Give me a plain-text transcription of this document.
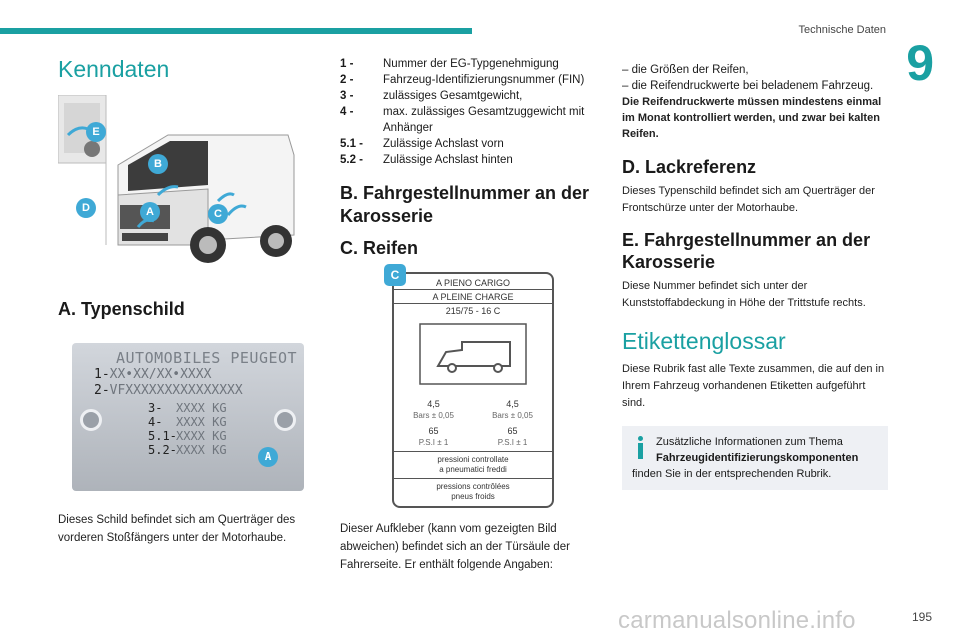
Technische Daten
9
Kenndaten
E
B
D	A	C
A. Typenschild
AUTOMOBILES PEUGEOT
1-XX•XX/XX•XXXX
2-VFXXXXXXXXXXXXXXX
3- XXXX KG
4- XXXX KG
5.1-XXXX KG
5.2-XXXX KG	A

Dieses Schild befindet sich am Querträger des vorderen Stoßfängers unter der Motorhaube.

1 -	Nummer der EG-Typgenehmigung
2 -	Fahrzeug-Identifizierungsnummer (FIN)
3 -	zulässiges Gesamtgewicht,
4 -	max. zulässiges Gesamtzuggewicht mit Anhänger
5.1 -	Zulässige Achslast vorn
5.2 -	Zulässige Achslast hinten
B. Fahrgestellnummer an der Karosserie
C. Reifen
C
A PIENO CARIGO
A PLEINE CHARGE
215/75 - 16 C
4,5	4,5
Bars ± 0,05	Bars ± 0,05
65	65
P.S.I ± 1	P.S.I ± 1
pressioni controllate
a pneumatici freddi
pressions contrôlées
pneus froids

Dieser Aufkleber (kann vom gezeigten Bild abweichen) befindet sich an der Türsäule der Fahrerseite. Er enthält folgende Angaben:

– die Größen der Reifen,
– die Reifendruckwerte bei beladenem Fahrzeug.

Die Reifendruckwerte müssen mindestens einmal im Monat kontrolliert werden, und zwar bei kalten Reifen.

D. Lackreferenz

Dieses Typenschild befindet sich am Querträger der Frontschürze unter der Motorhaube.

E. Fahrgestellnummer an der Karosserie

Diese Nummer befindet sich unter der Kunststoffabdeckung in Höhe der Trittstufe rechts.

Etikettenglossar

Diese Rubrik fast alle Texte zusammen, die auf den in Ihrem Fahrzeug vorhandenen Etiketten aufgeführt sind.

Zusätzliche Informationen zum Thema
Fahrzeugidentifizierungskomponenten
finden Sie in der entsprechenden Rubrik.
195
carmanualsonline.info
